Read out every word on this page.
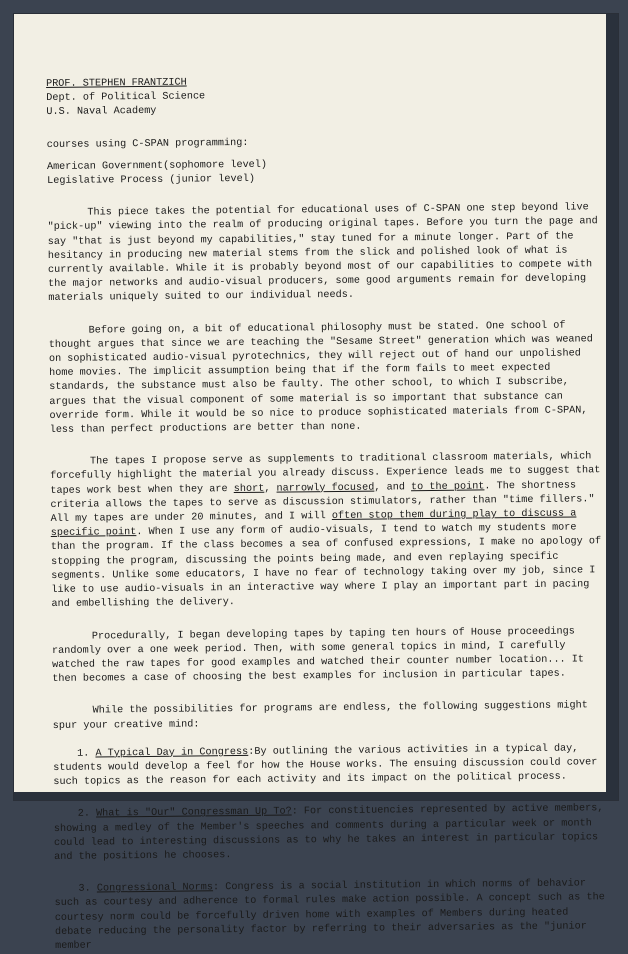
PROF. STEPHEN FRANTZICH
Dept. of Political Science
U.S. Naval Academy
courses using C-SPAN programming:
American Government(sophomore level)
Legislative Process (junior level)

This piece takes the potential for educational uses of C-SPAN one step beyond live "pick-up" viewing into the realm of producing original tapes. Before you turn the page and say "that is just beyond my capabilities," stay tuned for a minute longer. Part of the hesitancy in producing new material stems from the slick and polished look of what is currently available. While it is probably beyond most of our capabilities to compete with the major networks and audio-visual producers, some good arguments remain for developing materials uniquely suited to our individual needs.

Before going on, a bit of educational philosophy must be stated. One school of thought argues that since we are teaching the "Sesame Street" generation which was weaned on sophisticated audio-visual pyrotechnics, they will reject out of hand our unpolished home movies. The implicit assumption being that if the form fails to meet expected standards, the substance must also be faulty. The other school, to which I subscribe, argues that the visual component of some material is so important that substance can override form. While it would be so nice to produce sophisticated materials from C-SPAN, less than perfect productions are better than none.

The tapes I propose serve as supplements to traditional classroom materials, which forcefully highlight the material you already discuss. Experience leads me to suggest that tapes work best when they are short, narrowly focused, and to the point. The shortness criteria allows the tapes to serve as discussion stimulators, rather than "time fillers." All my tapes are under 20 minutes, and I will often stop them during play to discuss a specific point. When I use any form of audio-visuals, I tend to watch my students more than the program. If the class becomes a sea of confused expressions, I make no apology of stopping the program, discussing the points being made, and even replaying specific segments. Unlike some educators, I have no fear of technology taking over my job, since I like to use audio-visuals in an interactive way where I play an important part in pacing and embellishing the delivery.

Procedurally, I began developing tapes by taping ten hours of House proceedings randomly over a one week period. Then, with some general topics in mind, I carefully watched the raw tapes for good examples and watched their counter number location... It then becomes a case of choosing the best examples for inclusion in particular tapes.

While the possibilities for programs are endless, the following suggestions might spur your creative mind:

1. A Typical Day in Congress:By outlining the various activities in a typical day, students would develop a feel for how the House works. The ensuing discussion could cover such topics as the reason for each activity and its impact on the political process.

2. What is "Our" Congressman Up To?: For constituencies represented by active members, showing a medley of the Member's speeches and comments during a particular week or month could lead to interesting discussions as to why he takes an interest in particular topics and the positions he chooses.

3. Congressional Norms: Congress is a social institution in which norms of behavior such as courtesy and adherence to formal rules make action possible. A concept such as the courtesy norm could be forcefully driven home with examples of Members during heated debate reducing the personality factor by referring to their adversaries as the "junior member
